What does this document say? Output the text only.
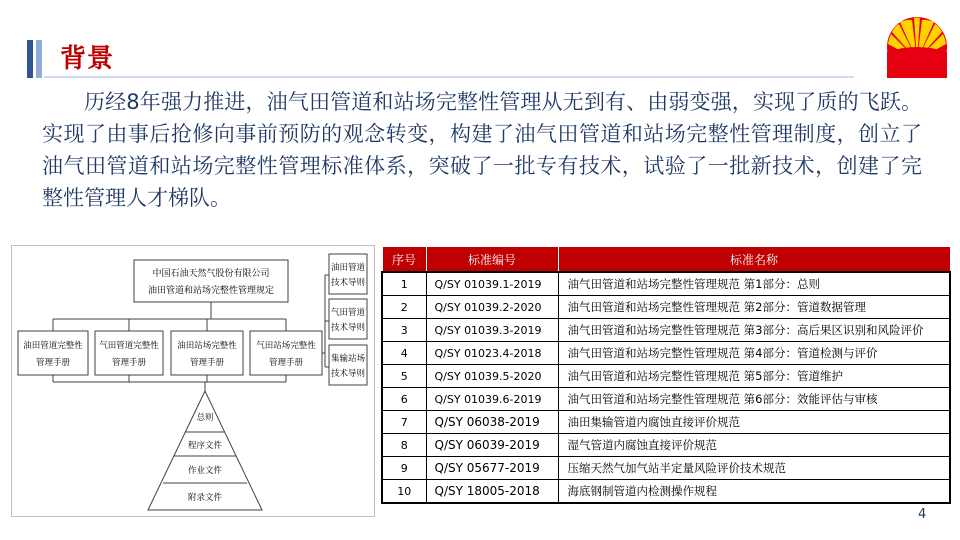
背景
历经8年强力推进，油气田管道和站场完整性管理从无到有、由弱变强，实现了质的飞跃。实现了由事后抢修向事前预防的观念转变，构建了油气田管道和站场完整性管理制度，创立了油气田管道和站场完整性管理标准体系，突破了一批专有技术，试验了一批新技术，创建了完整性管理人才梯队。
中国石油天然气股份有限公司
油田管道和站场完整性管理规定
油田管道完整性
管理手册
气田管道完整性
管理手册
油田站场完整性
管理手册
气田站场完整性
管理手册
油田管道
技术导则
气田管道
技术导则
集输站场
技术导则
总则
程序文件
作业文件
附录文件
序号	标准编号	标准名称
1	Q/SY 01039.1-2019	油气田管道和站场完整性管理规范 第1部分：总则
2	Q/SY 01039.2-2020	油气田管道和站场完整性管理规范 第2部分：管道数据管理
3	Q/SY 01039.3-2019	油气田管道和站场完整性管理规范 第3部分：高后果区识别和风险评价
4	Q/SY 01023.4-2018	油气田管道和站场完整性管理规范 第4部分：管道检测与评价
5	Q/SY 01039.5-2020	油气田管道和站场完整性管理规范 第5部分：管道维护
6	Q/SY 01039.6-2019	油气田管道和站场完整性管理规范 第6部分：效能评估与审核
7	Q/SY 06038-2019	油田集输管道内腐蚀直接评价规范
8	Q/SY 06039-2019	湿气管道内腐蚀直接评价规范
9	Q/SY 05677-2019	压缩天然气加气站半定量风险评价技术规范
10	Q/SY 18005-2018	海底钢制管道内检测操作规程
4
